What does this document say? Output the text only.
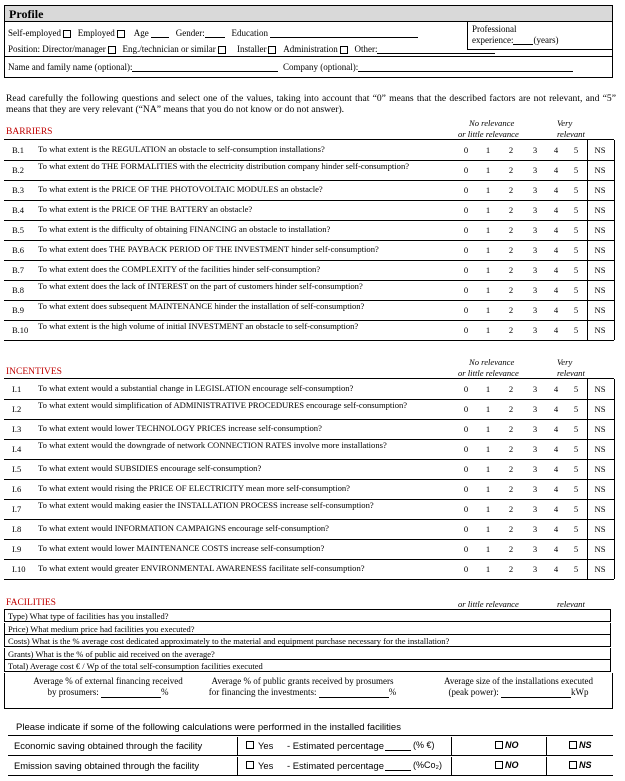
Profile
Professional
experience: (years)
Self-employed Employed Age	Gender:	Education
Position: Director/manager Eng./technician or similar Installer Administration Other:
Name and family name (optional):	Company (optional):
Read carefully the following questions and select one of the values, taking into account that “0” means that the described factors are not relevant, and “5” means that they are very relevant (“NA” means that you do not know or do not answer).
BARRIERS
No relevance
or little relevance
Very
relevant
B.1 To what extent is the REGULATION an obstacle to self-consumption installations?	0	1	2	3	4	5	NS
B.2 To what extent do THE FORMALITIES with the electricity distribution company hinder self-consumption?	0	1	2	3	4	5	NS
B.3 To what extent is the PRICE OF THE PHOTOVOLTAIC MODULES an obstacle?	0	1	2	3	4	5	NS
B.4 To what extent is the PRICE OF THE BATTERY an obstacle?	0	1	2	3	4	5	NS
B.5 To what extent is the difficulty of obtaining FINANCING an obstacle to installation?	0	1	2	3	4	5	NS
B.6 To what extent does THE PAYBACK PERIOD OF THE INVESTMENT hinder self-consumption?	0	1	2	3	4	5	NS
B.7 To what extent does the COMPLEXITY of the facilities hinder self-consumption?	0	1	2	3	4	5	NS
B.8 To what extent does the lack of INTEREST on the part of customers hinder self-consumption?	0	1	2	3	4	5	NS
B.9 To what extent does subsequent MAINTENANCE hinder the installation of self-consumption?	0	1	2	3	4	5	NS
B.10 To what extent is the high volume of initial INVESTMENT an obstacle to self-consumption?	0	1	2	3	4	5	NS
No relevance
or little relevance
Very
relevant
INCENTIVES
I.1 To what extent would a substantial change in LEGISLATION encourage self-consumption?	0	1	2	3	4	5	NS
I.2 To what extent would simplification of ADMINISTRATIVE PROCEDURES encourage self-consumption?	0	1	2	3	4	5	NS
I.3 To what extent would lower TECHNOLOGY PRICES increase self-consumption?	0	1	2	3	4	5	NS
I.4 To what extent would the downgrade of network CONNECTION RATES involve more installations?	0	1	2	3	4	5	NS
I.5 To what extent would SUBSIDIES encourage self-consumption?	0	1	2	3	4	5	NS
I.6 To what extent would rising the PRICE OF ELECTRICITY mean more self-consumption?	0	1	2	3	4	5	NS
I.7 To what extent would making easier the INSTALLATION PROCESS increase self-consumption?	0	1	2	3	4	5	NS
I.8 To what extent would INFORMATION CAMPAIGNS encourage self-consumption?	0	1	2	3	4	5	NS
I.9 To what extent would lower MAINTENANCE COSTS increase self-consumption?	0	1	2	3	4	5	NS
I.10 To what extent would greater ENVIRONMENTAL AWARENESS facilitate self-consumption?	0	1	2	3	4	5	NS
FACILITIES	or little relevance	relevant
Type) What type of facilities has you installed?
Price) What medium price had facilities you executed?
Costs) What is the % average cost dedicated approximately to the material and equipment purchase necessary for the installation?
Grants) What is the % of public aid received on the average?
Total) Average cost € / Wp of the total self-consumption facilities executed
Average % of external financing received
by prosumers:	%
Average % of public grants received by prosumers
for financing the investments:	%
Average size of the installations executed
(peak power):	kWp
Please indicate if some of the following calculations were performed in the installed facilities
Economic saving obtained through the facility	Yes - Estimated percentage	(% €)	NO	NS
Emission saving obtained through the facility	Yes - Estimated percentage	(%Co₂)	NO	NS
